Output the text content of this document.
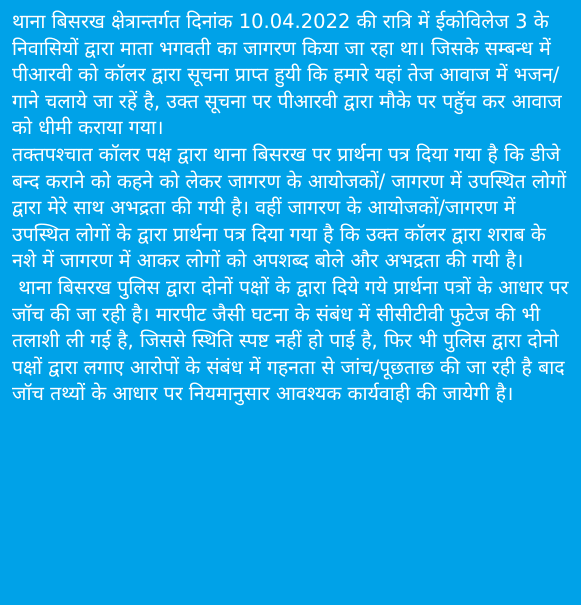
थाना बिसरख क्षेत्रान्तर्गत दिनांक 10.04.2022 की रात्रि में ईकोविलेज 3 के निवासियों द्वारा माता भगवती का जागरण किया जा रहा था। जिसके सम्बन्ध में पीआरवी को कॉलर द्वारा सूचना प्राप्त हुयी कि हमारे यहां तेज आवाज में भजन/गाने चलाये जा रहें है, उक्त सूचना पर पीआरवी द्वारा मौके पर पहुॅच कर आवाज को धीमी कराया गया।

तक्तपश्चात कॉलर पक्ष द्वारा थाना बिसरख पर प्रार्थना पत्र दिया गया है कि डीजे बन्द कराने को कहने को लेकर जागरण के आयोजकों/ जागरण में उपस्थित लोगों द्वारा मेरे साथ अभद्रता की गयी है। वहीं जागरण के आयोजकों/जागरण में उपस्थित लोगों के द्वारा प्रार्थना पत्र दिया गया है कि उक्त कॉलर द्वारा शराब के नशे में जागरण में आकर लोगों को अपशब्द बोले और अभद्रता की गयी है।

थाना बिसरख पुलिस द्वारा दोनों पक्षों के द्वारा दिये गये प्रार्थना पत्रों के आधार पर जॉच की जा रही है। मारपीट जैसी घटना के संबंध में सीसीटीवी फुटेज की भी तलाशी ली गई है, जिससे स्थिति स्पष्ट नहीं हो पाई है, फिर भी पुलिस द्वारा दोनो पक्षों द्वारा लगाए आरोपों के संबंध में गहनता से जांच/पूछताछ की जा रही है बाद जॉच तथ्यों के आधार पर नियमानुसार आवश्यक कार्यवाही की जायेगी है।
